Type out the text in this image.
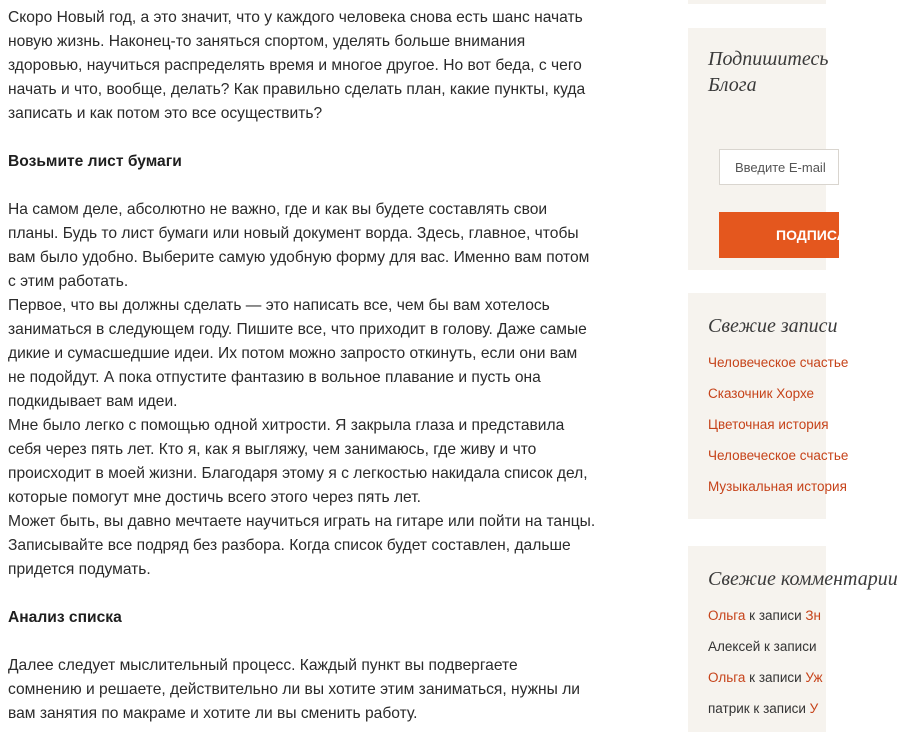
Скоро Новый год, а это значит, что у каждого человека снова есть шанс начать

новую жизнь. Наконец-то заняться спортом, уделять больше внимания

здоровью, научиться распределять время и многое другое. Но вот беда, с чего

начать и что, вообще, делать? Как правильно сделать план, какие пункты, куда

записать и как потом это все осуществить?

Возьмите лист бумаги

На самом деле, абсолютно не важно, где и как вы будете составлять свои

планы. Будь то лист бумаги или новый документ ворда. Здесь, главное, чтобы

вам было удобно. Выберите самую удобную форму для вас. Именно вам потом

с этим работать.

Первое, что вы должны сделать — это написать все, чем бы вам хотелось

заниматься в следующем году. Пишите все, что приходит в голову. Даже самые

дикие и сумасшедшие идеи. Их потом можно запросто откинуть, если они вам

не подойдут. А пока отпустите фантазию в вольное плавание и пусть она

подкидывает вам идеи.

Мне было легко с помощью одной хитрости. Я закрыла глаза и представила

себя через пять лет. Кто я, как я выгляжу, чем занимаюсь, где живу и что

происходит в моей жизни. Благодаря этому я с легкостью накидала список дел,

которые помогут мне достичь всего этого через пять лет.

Может быть, вы давно мечтаете научиться играть на гитаре или пойти на танцы.

Записывайте все подряд без разбора. Когда список будет составлен, дальше

придется подумать.

Анализ списка

Далее следует мыслительный процесс. Каждый пункт вы подвергаете

сомнению и решаете, действительно ли вы хотите этим заниматься, нужны ли

вам занятия по макраме и хотите ли вы сменить работу.

Подпишитесь
Блога
Введите E-mail
ПОДПИСАТЬСЯ
Свежие записи
Человеческое счастье
Сказочник Хорхе
Цветочная история
Человеческое счастье
Музыкальная история
Свежие комментарии
Ольга к записи Зн
Алексей к записи
Ольга к записи Уж
патрик к записи У
